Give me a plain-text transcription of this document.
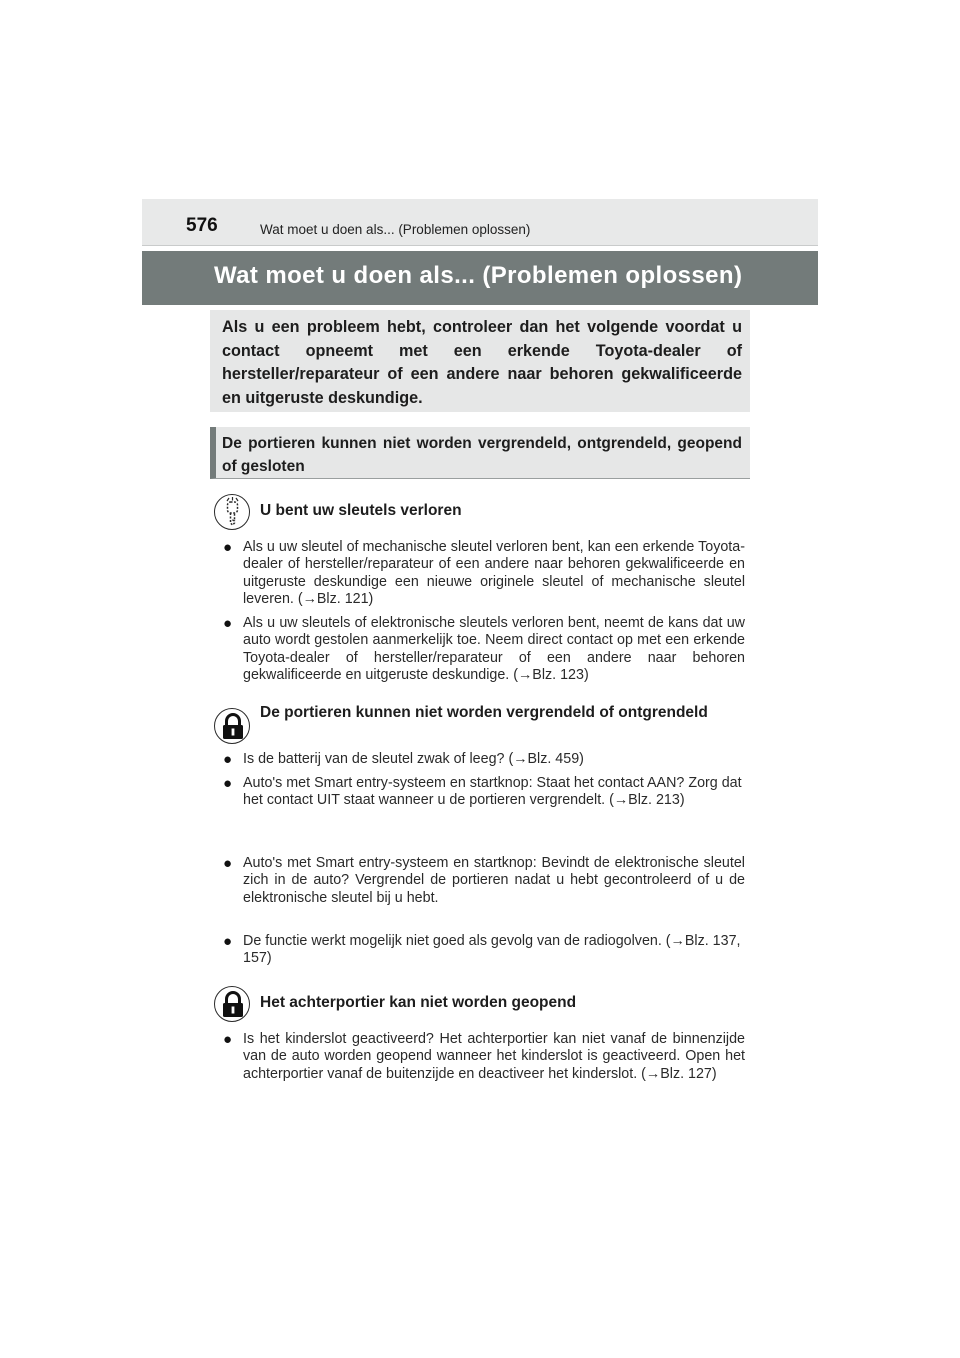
576	Wat moet u doen als... (Problemen oplossen)
Wat moet u doen als... (Problemen oplossen)
Als u een probleem hebt, controleer dan het volgende voordat u contact opneemt met een erkende Toyota-dealer of hersteller/reparateur of een andere naar behoren gekwalificeerde en uitgeruste deskundige.
De portieren kunnen niet worden vergrendeld, ontgrendeld, geopend of gesloten
U bent uw sleutels verloren
● Als u uw sleutel of mechanische sleutel verloren bent, kan een erkende Toyota-dealer of hersteller/reparateur of een andere naar behoren gekwalificeerde en uitgeruste deskundige een nieuwe originele sleutel of mechanische sleutel leveren. (→Blz. 121)
● Als u uw sleutels of elektronische sleutels verloren bent, neemt de kans dat uw auto wordt gestolen aanmerkelijk toe. Neem direct contact op met een erkende Toyota-dealer of hersteller/reparateur of een andere naar behoren gekwalificeerde en uitgeruste deskundige. (→Blz. 123)
De portieren kunnen niet worden vergrendeld of ontgrendeld
● Is de batterij van de sleutel zwak of leeg? (→Blz. 459)
● Auto's met Smart entry-systeem en startknop: Staat het contact AAN? Zorg dat het contact UIT staat wanneer u de portieren vergrendelt. (→Blz. 213)
● Auto's met Smart entry-systeem en startknop: Bevindt de elektronische sleutel zich in de auto? Vergrendel de portieren nadat u hebt gecontroleerd of u de elektronische sleutel bij u hebt.
● De functie werkt mogelijk niet goed als gevolg van de radiogolven. (→Blz. 137, 157)
Het achterportier kan niet worden geopend
● Is het kinderslot geactiveerd? Het achterportier kan niet vanaf de binnenzijde van de auto worden geopend wanneer het kinderslot is geactiveerd. Open het achterportier vanaf de buitenzijde en deactiveer het kinderslot. (→Blz. 127)
